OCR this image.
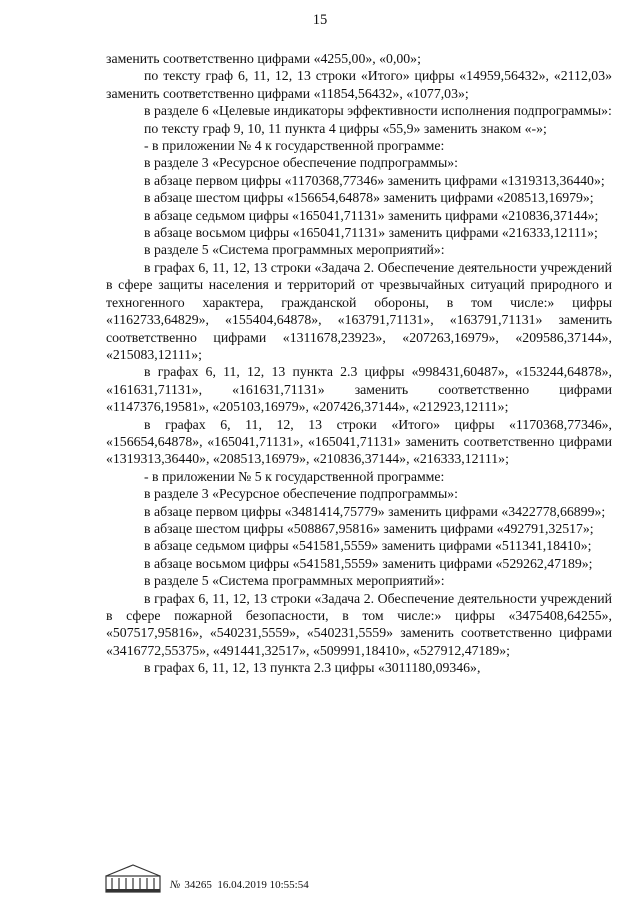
15

заменить соответственно цифрами «4255,00», «0,00»;

по тексту граф 6, 11, 12, 13 строки «Итого» цифры «14959,56432», «2112,03» заменить соответственно цифрами «11854,56432», «1077,03»;

в разделе 6 «Целевые индикаторы эффективности исполнения подпрограммы»:

по тексту граф 9, 10, 11 пункта 4 цифры «55,9» заменить знаком «-»;

- в приложении № 4 к государственной программе:

в разделе 3 «Ресурсное обеспечение подпрограммы»:

в абзаце первом цифры «1170368,77346» заменить цифрами «1319313,36440»;

в абзаце шестом цифры «156654,64878» заменить цифрами «208513,16979»;

в абзаце седьмом цифры «165041,71131» заменить цифрами «210836,37144»;

в абзаце восьмом цифры «165041,71131» заменить цифрами «216333,12111»;

в разделе 5 «Система программных мероприятий»:

в графах 6, 11, 12, 13 строки «Задача 2. Обеспечение деятельности учреждений в сфере защиты населения и территорий от чрезвычайных ситуаций природного и техногенного характера, гражданской обороны, в том числе:» цифры «1162733,64829», «155404,64878», «163791,71131», «163791,71131» заменить соответственно цифрами «1311678,23923», «207263,16979», «209586,37144», «215083,12111»;

в графах 6, 11, 12, 13 пункта 2.3 цифры «998431,60487», «153244,64878», «161631,71131», «161631,71131» заменить соответственно цифрами «1147376,19581», «205103,16979», «207426,37144», «212923,12111»;

в графах 6, 11, 12, 13 строки «Итого» цифры «1170368,77346», «156654,64878», «165041,71131», «165041,71131» заменить соответственно цифрами «1319313,36440», «208513,16979», «210836,37144», «216333,12111»;

- в приложении № 5 к государственной программе:

в разделе 3 «Ресурсное обеспечение подпрограммы»:

в абзаце первом цифры «3481414,75779» заменить цифрами «3422778,66899»;

в абзаце шестом цифры «508867,95816» заменить цифрами «492791,32517»;

в абзаце седьмом цифры «541581,5559» заменить цифрами «511341,18410»;

в абзаце восьмом цифры «541581,5559» заменить цифрами «529262,47189»;

в разделе 5 «Система программных мероприятий»:

в графах 6, 11, 12, 13 строки «Задача 2. Обеспечение деятельности учреждений в сфере пожарной безопасности, в том числе:» цифры «3475408,64255», «507517,95816», «540231,5559», «540231,5559» заменить соответственно цифрами «3416772,55375», «491441,32517», «509991,18410», «527912,47189»;

в графах 6, 11, 12, 13 пункта 2.3 цифры «3011180,09346»,

№ 34265 16.04.2019 10:55:54
